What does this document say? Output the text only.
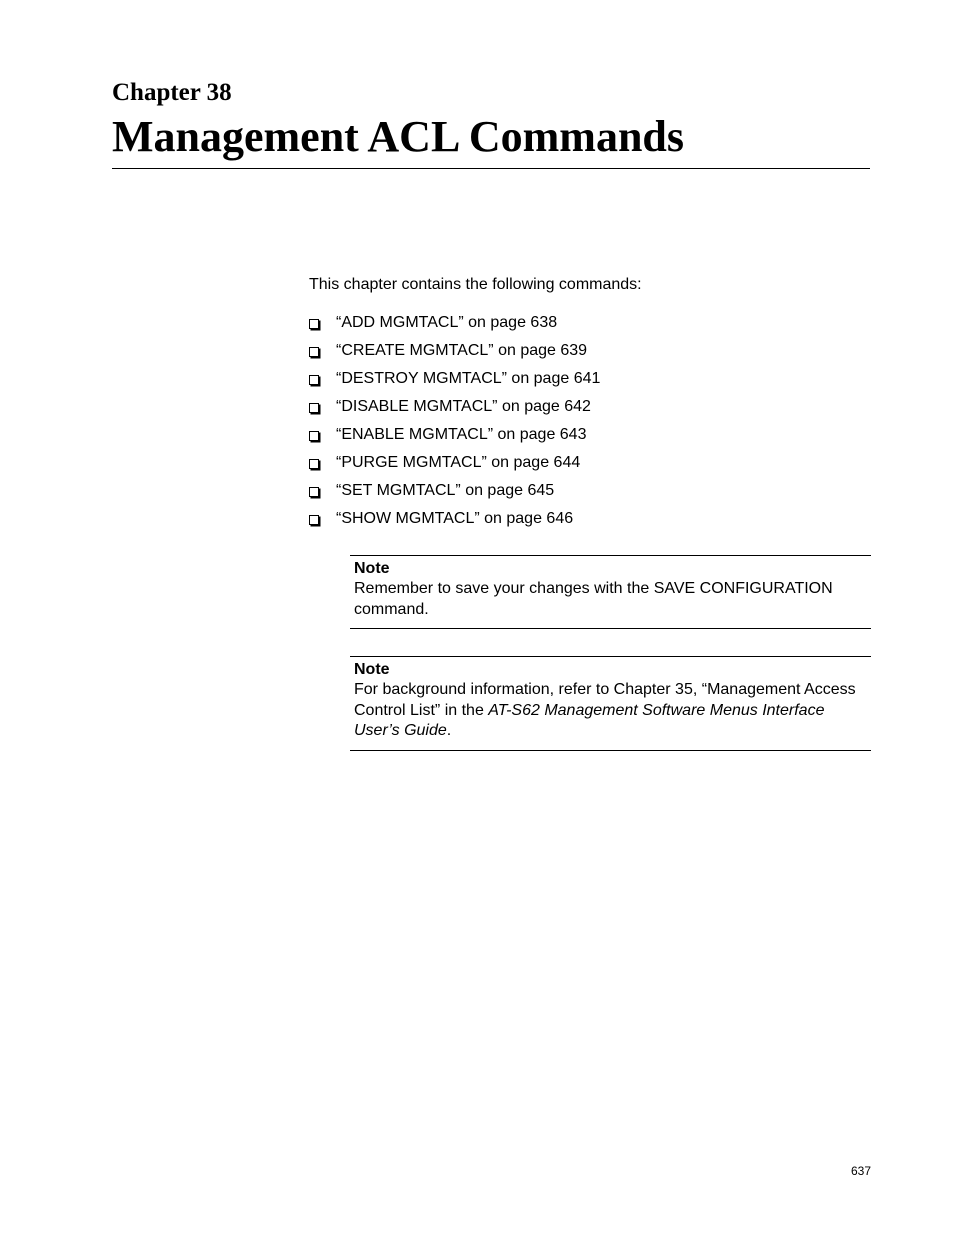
Chapter 38
Management ACL Commands

This chapter contains the following commands:

“ADD MGMTACL” on page 638
“CREATE MGMTACL” on page 639
“DESTROY MGMTACL” on page 641
“DISABLE MGMTACL” on page 642
“ENABLE MGMTACL” on page 643
“PURGE MGMTACL” on page 644
“SET MGMTACL” on page 645
“SHOW MGMTACL” on page 646

Note

Remember to save your changes with the SAVE CONFIGURATION command.

Note

For background information, refer to Chapter 35, “Management Access Control List” in the AT-S62 Management Software Menus Interface User’s Guide.

637
